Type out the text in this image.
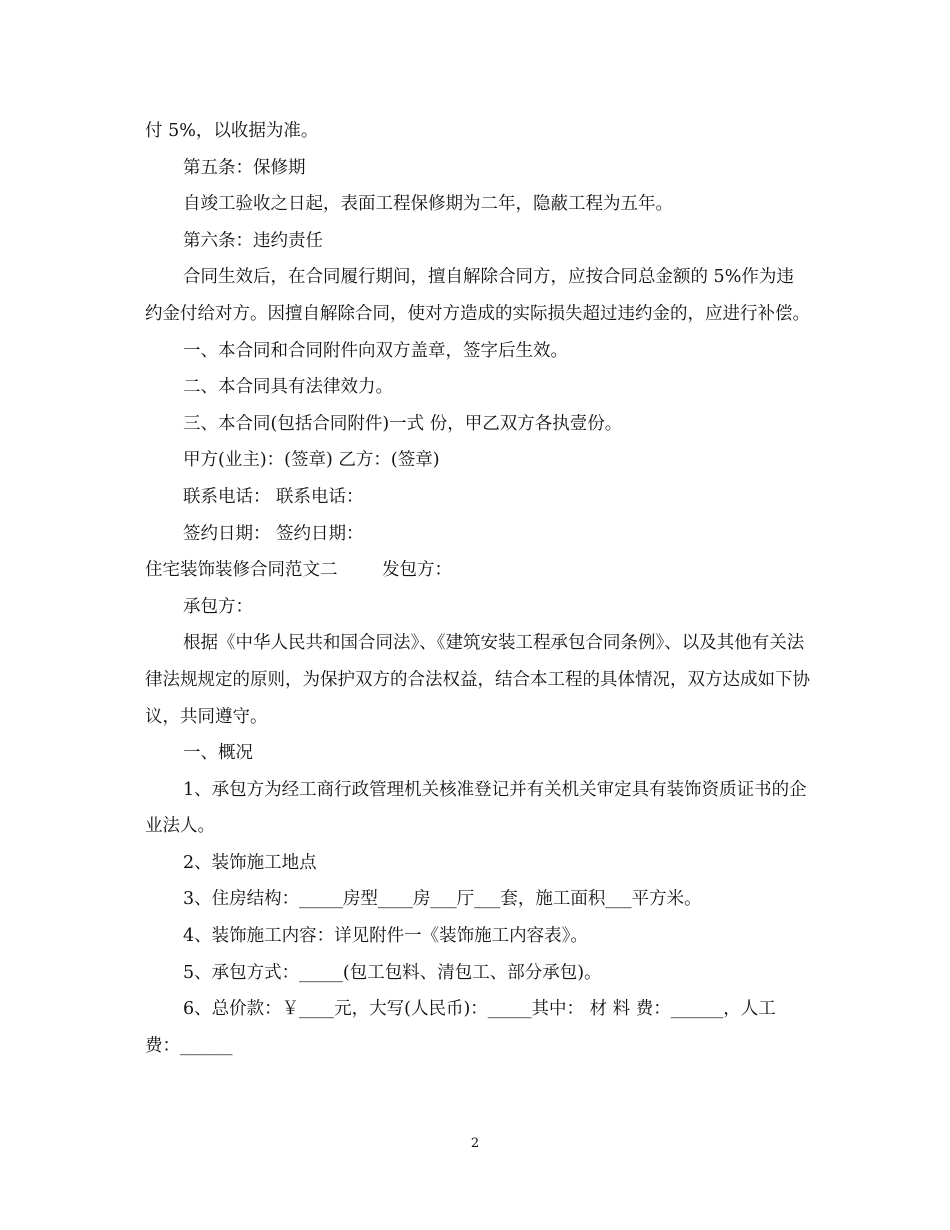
付 5%，以收据为准。

第五条：保修期

自竣工验收之日起，表面工程保修期为二年，隐蔽工程为五年。

第六条：违约责任

合同生效后，在合同履行期间，擅自解除合同方，应按合同总金额的 5%作为违约金付给对方。因擅自解除合同，使对方造成的实际损失超过违约金的，应进行补偿。

一、本合同和合同附件向双方盖章，签字后生效。

二、本合同具有法律效力。

三、本合同(包括合同附件)一式 份，甲乙双方各执壹份。

甲方(业主)：(签章) 乙方：(签章)

联系电话： 联系电话：

签约日期： 签约日期：

住宅装饰装修合同范文二        发包方：

承包方：

根据《中华人民共和国合同法》、《建筑安装工程承包合同条例》、以及其他有关法律法规规定的原则，为保护双方的合法权益，结合本工程的具体情况，双方达成如下协议，共同遵守。

一、概况

1、承包方为经工商行政管理机关核准登记并有关机关审定具有装饰资质证书的企业法人。

2、装饰施工地点

3、住房结构：_____房型____房___厅___套，施工面积___平方米。

4、装饰施工内容：详见附件一《装饰施工内容表》。

5、承包方式：_____(包工包料、清包工、部分承包)。

6、总价款：￥____元，大写(人民币)：_____其中： 材 料 费：______，人工费：______

2
